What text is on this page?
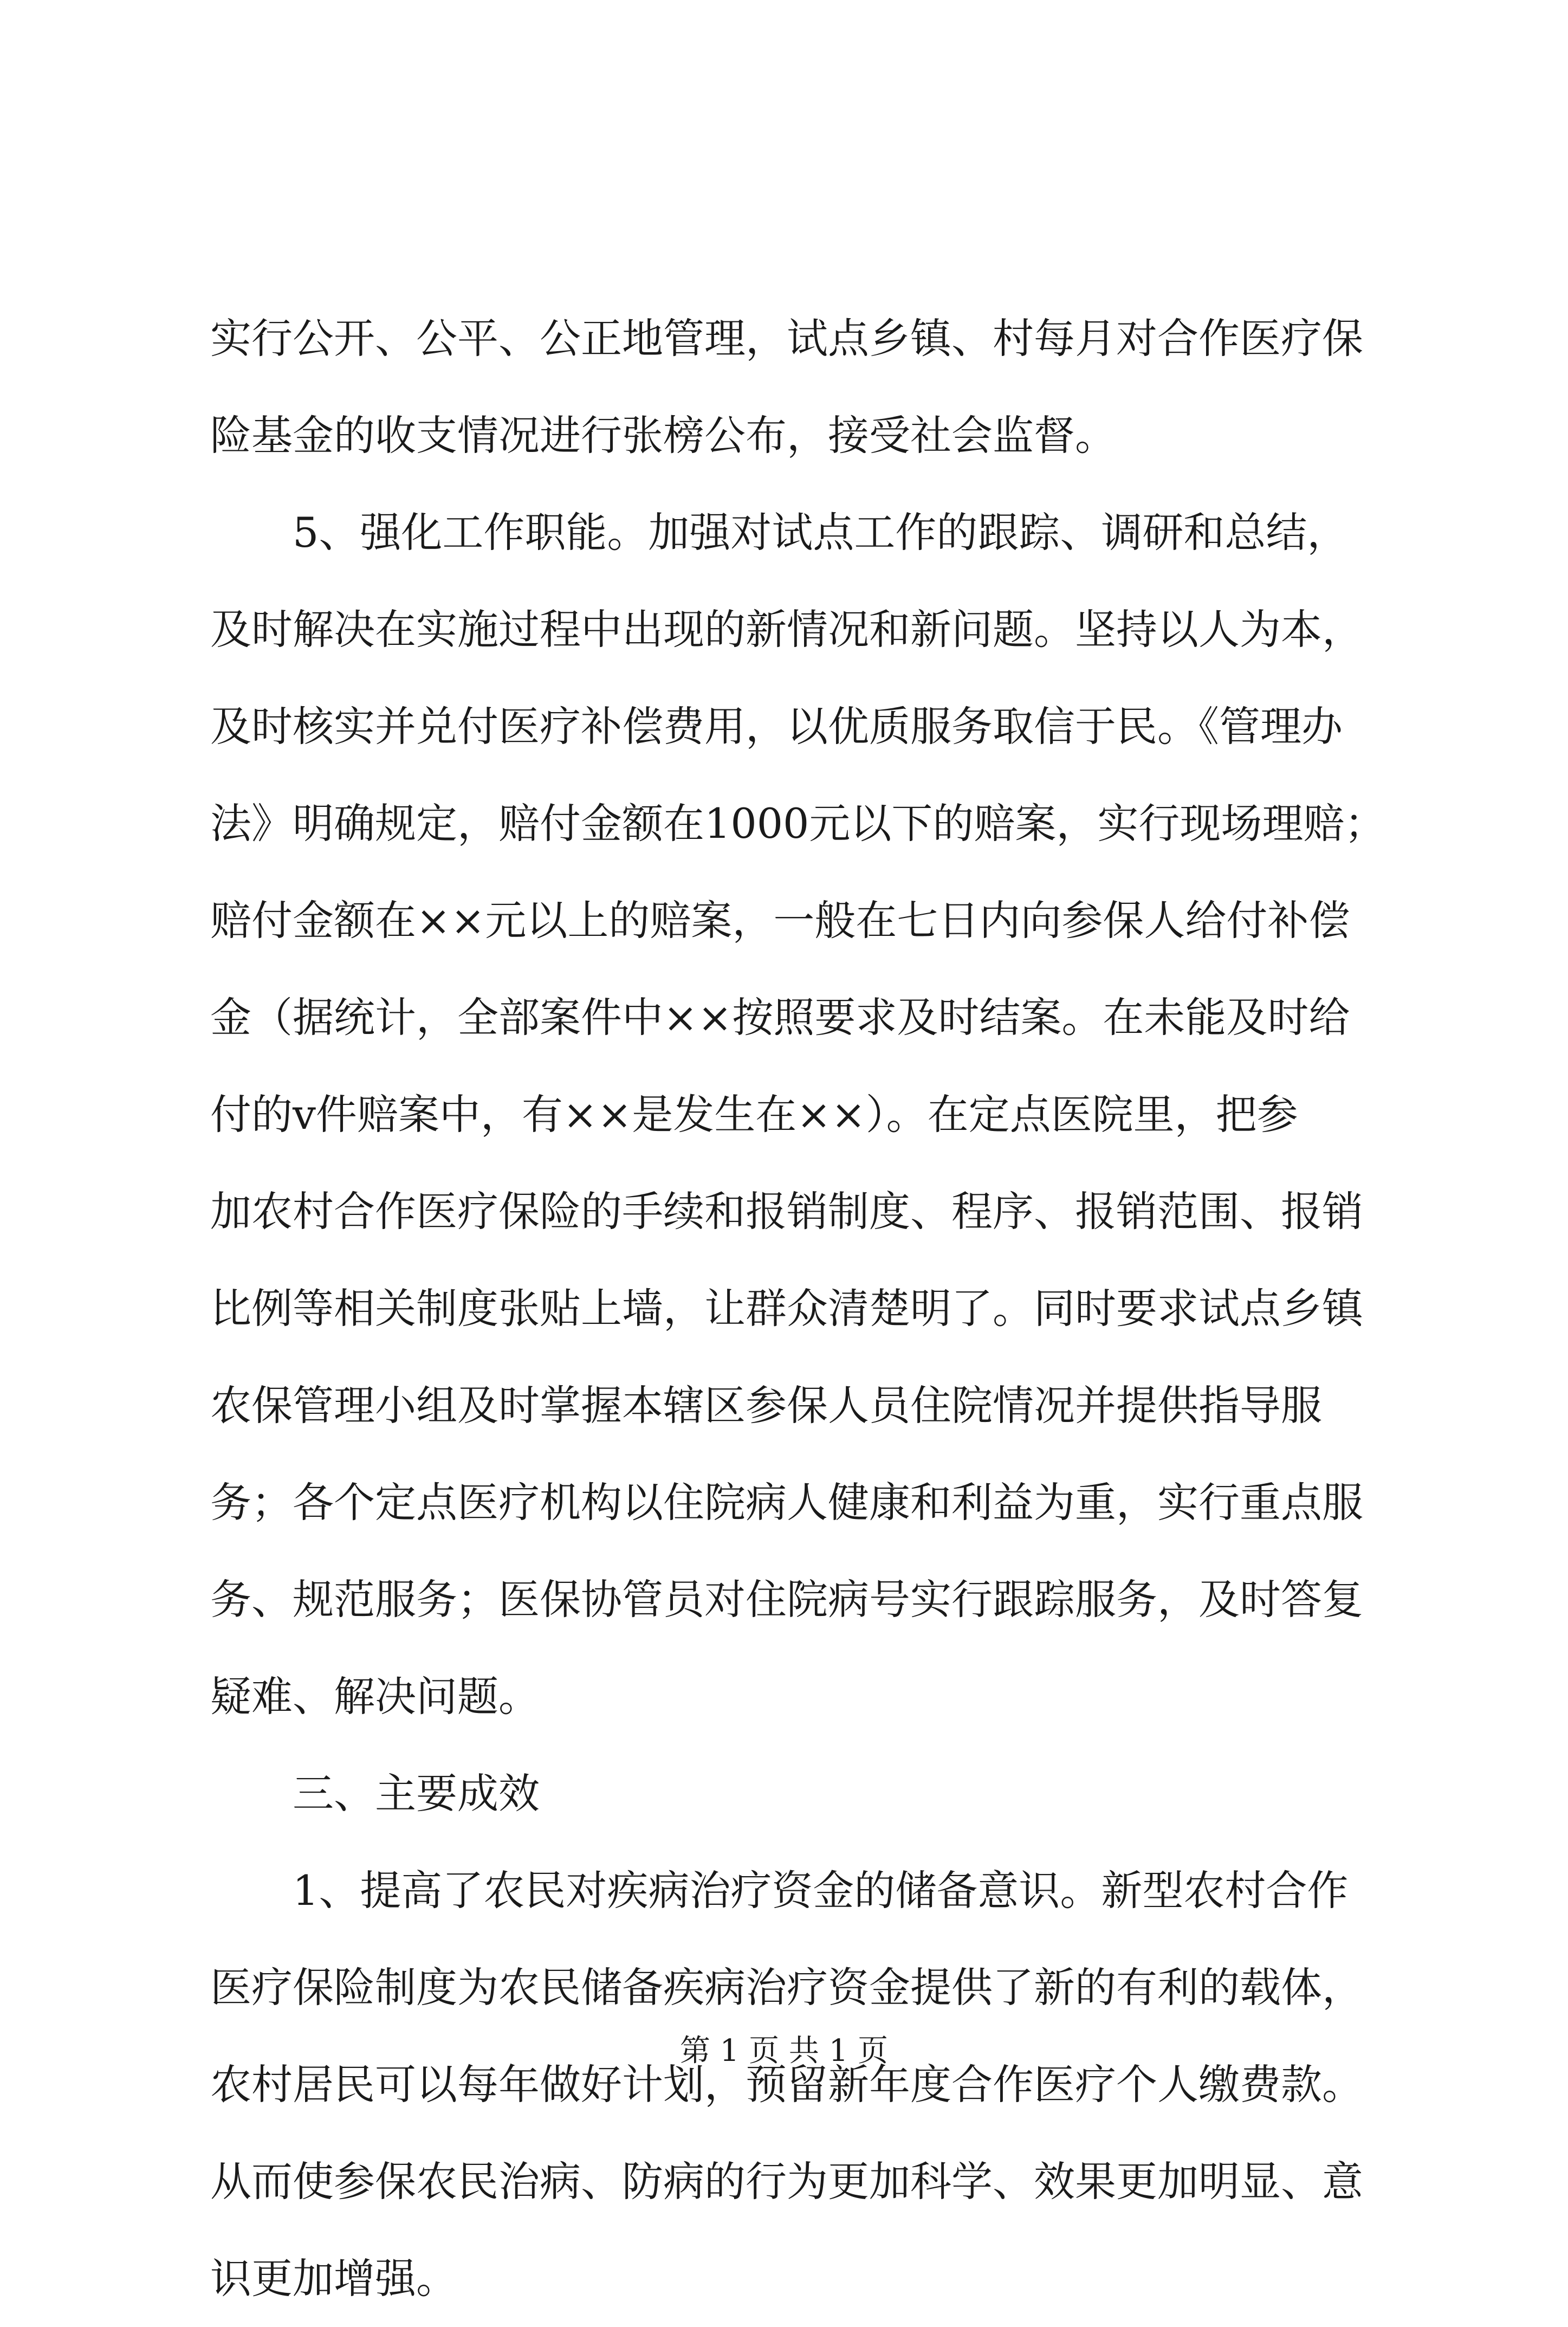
实行公开、公平、公正地管理，试点乡镇、村每月对合作医疗保
险基金的收支情况进行张榜公布，接受社会监督。
5、强化工作职能。加强对试点工作的跟踪、调研和总结，
及时解决在实施过程中出现的新情况和新问题。坚持以人为本，
及时核实并兑付医疗补偿费用，以优质服务取信于民。《管理办
法》明确规定，赔付金额在1000元以下的赔案，实行现场理赔；
赔付金额在××元以上的赔案，一般在七日内向参保人给付补偿
金（据统计，全部案件中××按照要求及时结案。在未能及时给
付的v件赔案中，有××是发生在××）。在定点医院里，把参
加农村合作医疗保险的手续和报销制度、程序、报销范围、报销
比例等相关制度张贴上墙，让群众清楚明了。同时要求试点乡镇
农保管理小组及时掌握本辖区参保人员住院情况并提供指导服
务；各个定点医疗机构以住院病人健康和利益为重，实行重点服
务、规范服务；医保协管员对住院病号实行跟踪服务，及时答复
疑难、解决问题。
三、主要成效
1、提高了农民对疾病治疗资金的储备意识。新型农村合作
医疗保险制度为农民储备疾病治疗资金提供了新的有利的载体，
农村居民可以每年做好计划，预留新年度合作医疗个人缴费款。
从而使参保农民治病、防病的行为更加科学、效果更加明显、意
识更加增强。
第 1 页 共 1 页
